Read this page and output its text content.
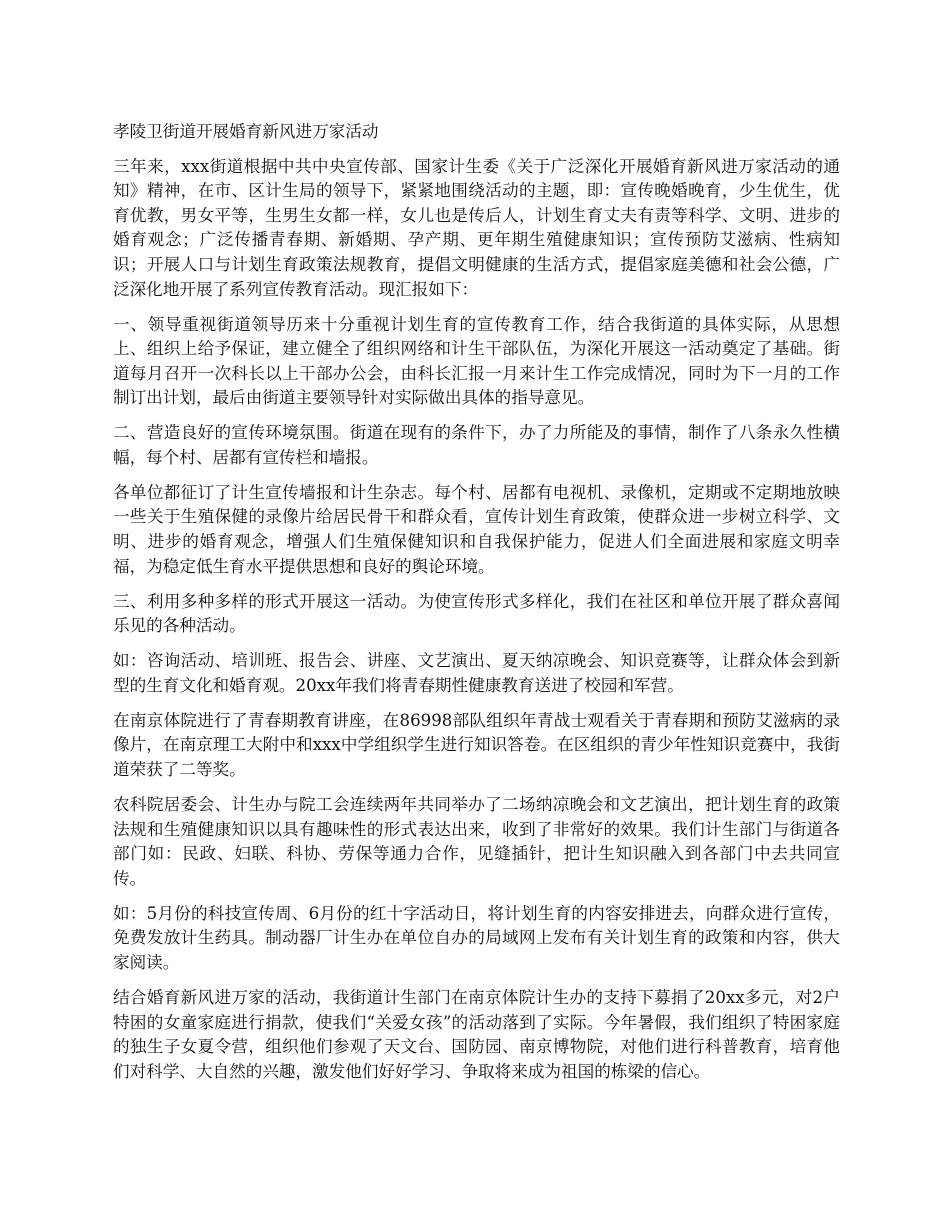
孝陵卫街道开展婚育新风进万家活动

三年来，xxx街道根据中共中央宣传部、国家计生委《关于广泛深化开展婚育新风进万家活动的通知》精神，在市、区计生局的领导下，紧紧地围绕活动的主题，即：宣传晚婚晚育，少生优生，优育优教，男女平等，生男生女都一样，女儿也是传后人，计划生育丈夫有责等科学、文明、进步的婚育观念；广泛传播青春期、新婚期、孕产期、更年期生殖健康知识；宣传预防艾滋病、性病知识；开展人口与计划生育政策法规教育，提倡文明健康的生活方式，提倡家庭美德和社会公德，广泛深化地开展了系列宣传教育活动。现汇报如下：

一、领导重视街道领导历来十分重视计划生育的宣传教育工作，结合我街道的具体实际，从思想上、组织上给予保证，建立健全了组织网络和计生干部队伍，为深化开展这一活动奠定了基础。街道每月召开一次科长以上干部办公会，由科长汇报一月来计生工作完成情况，同时为下一月的工作制订出计划，最后由街道主要领导针对实际做出具体的指导意见。

二、营造良好的宣传环境氛围。街道在现有的条件下，办了力所能及的事情，制作了八条永久性横幅，每个村、居都有宣传栏和墙报。

各单位都征订了计生宣传墙报和计生杂志。每个村、居都有电视机、录像机，定期或不定期地放映一些关于生殖保健的录像片给居民骨干和群众看，宣传计划生育政策，使群众进一步树立科学、文明、进步的婚育观念，增强人们生殖保健知识和自我保护能力，促进人们全面进展和家庭文明幸福，为稳定低生育水平提供思想和良好的舆论环境。

三、利用多种多样的形式开展这一活动。为使宣传形式多样化，我们在社区和单位开展了群众喜闻乐见的各种活动。

如：咨询活动、培训班、报告会、讲座、文艺演出、夏天纳凉晚会、知识竞赛等，让群众体会到新型的生育文化和婚育观。20xx年我们将青春期性健康教育送进了校园和军营。

在南京体院进行了青春期教育讲座，在86998部队组织年青战士观看关于青春期和预防艾滋病的录像片，在南京理工大附中和xxx中学组织学生进行知识答卷。在区组织的青少年性知识竞赛中，我街道荣获了二等奖。

农科院居委会、计生办与院工会连续两年共同举办了二场纳凉晚会和文艺演出，把计划生育的政策法规和生殖健康知识以具有趣味性的形式表达出来，收到了非常好的效果。我们计生部门与街道各部门如：民政、妇联、科协、劳保等通力合作，见缝插针，把计生知识融入到各部门中去共同宣传。

如：5月份的科技宣传周、6月份的红十字活动日，将计划生育的内容安排进去，向群众进行宣传，免费发放计生药具。制动器厂计生办在单位自办的局域网上发布有关计划生育的政策和内容，供大家阅读。

结合婚育新风进万家的活动，我街道计生部门在南京体院计生办的支持下募捐了20xx多元，对2户特困的女童家庭进行捐款，使我们“关爱女孩”的活动落到了实际。今年暑假，我们组织了特困家庭的独生子女夏令营，组织他们参观了天文台、国防园、南京博物院，对他们进行科普教育，培育他们对科学、大自然的兴趣，激发他们好好学习、争取将来成为祖国的栋梁的信心。
